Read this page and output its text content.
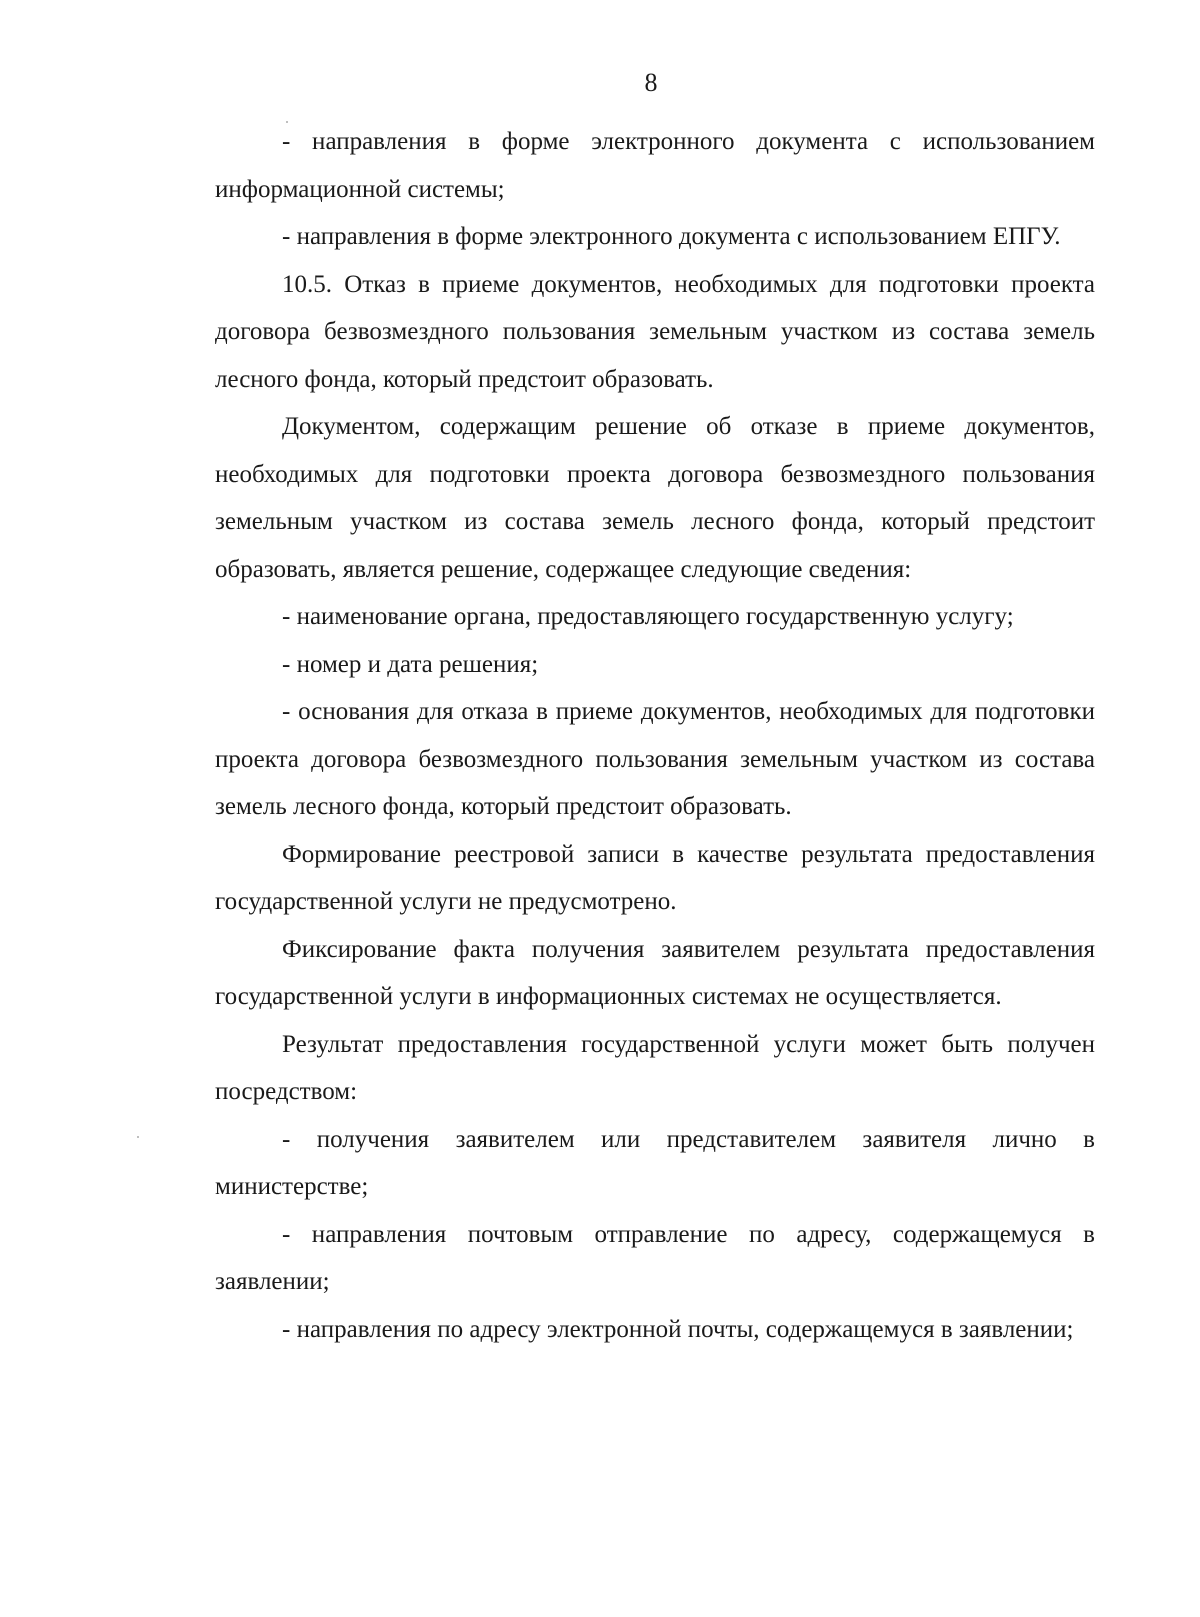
8

- направления в форме электронного документа с использованием информационной системы;

- направления в форме электронного документа с использованием ЕПГУ.

10.5. Отказ в приеме документов, необходимых для подготовки проекта договора безвозмездного пользования земельным участком из состава земель лесного фонда, который предстоит образовать.

Документом, содержащим решение об отказе в приеме документов, необходимых для подготовки проекта договора безвозмездного пользования земельным участком из состава земель лесного фонда, который предстоит образовать, является решение, содержащее следующие сведения:

- наименование органа, предоставляющего государственную услугу;

- номер и дата решения;

- основания для отказа в приеме документов, необходимых для подготовки проекта договора безвозмездного пользования земельным участком из состава земель лесного фонда, который предстоит образовать.

Формирование реестровой записи в качестве результата предоставления государственной услуги не предусмотрено.

Фиксирование факта получения заявителем результата предоставления государственной услуги в информационных системах не осуществляется.

Результат предоставления государственной услуги может быть получен посредством:

- получения заявителем или представителем заявителя лично в министерстве;

- направления почтовым отправление по адресу, содержащемуся в заявлении;

- направления по адресу электронной почты, содержащемуся в заявлении;
